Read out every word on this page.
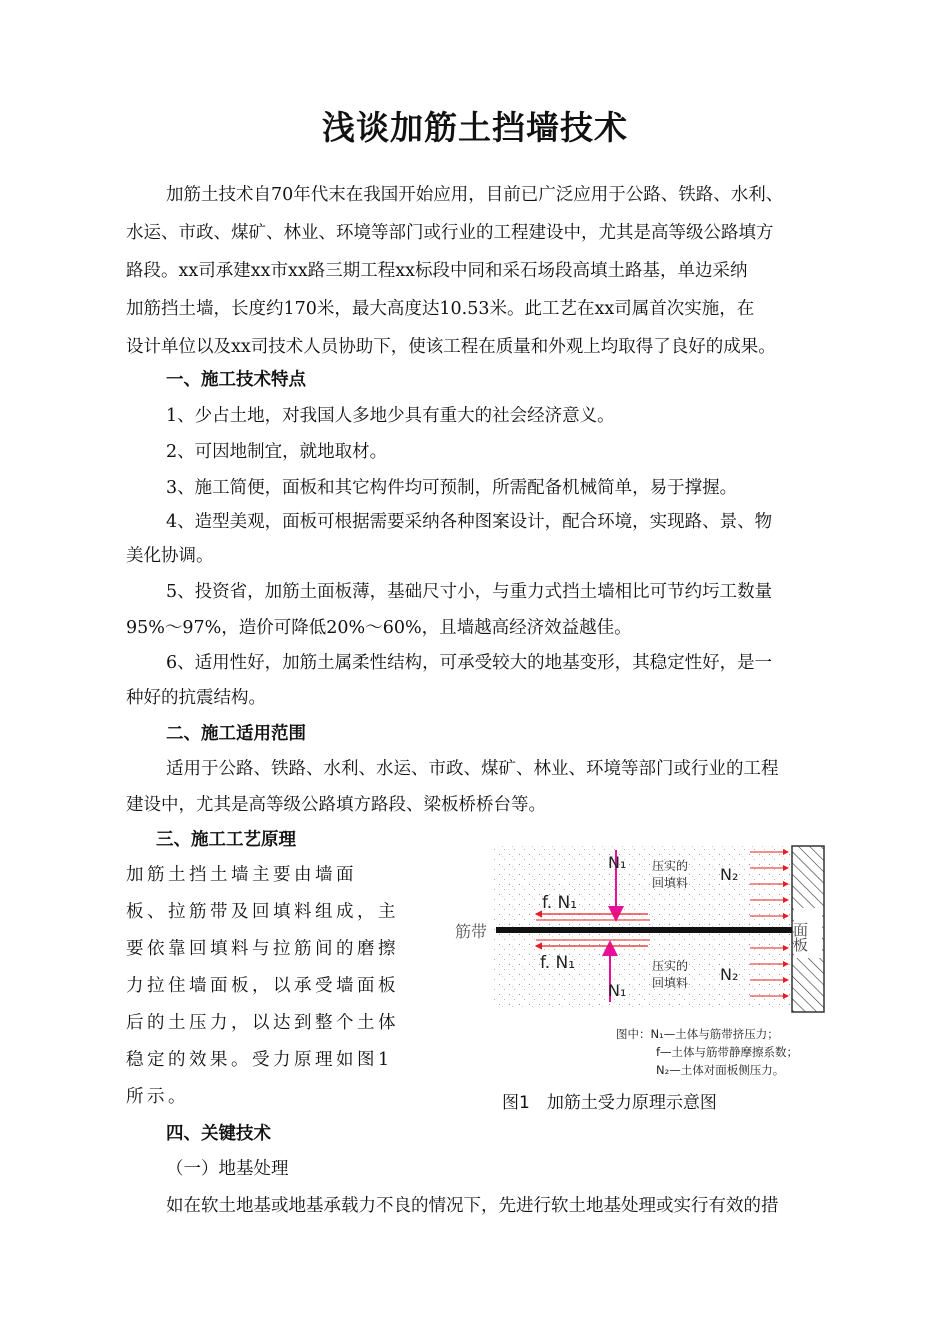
浅谈加筋土挡墙技术

加筋土技术自70年代末在我国开始应用，目前已广泛应用于公路、铁路、水利、

水运、市政、煤矿、林业、环境等部门或行业的工程建设中，尤其是高等级公路填方

路段。xx司承建xx市xx路三期工程xx标段中同和采石场段高填土路基，单边采纳

加筋挡土墙，长度约170米，最大高度达10.53米。此工艺在xx司属首次实施，在

设计单位以及xx司技术人员协助下，使该工程在质量和外观上均取得了良好的成果。

一、施工技术特点

1、少占土地，对我国人多地少具有重大的社会经济意义。

2、可因地制宜，就地取材。

3、施工简便，面板和其它构件均可预制，所需配备机械简单，易于撑握。

4、造型美观，面板可根据需要采纳各种图案设计，配合环境，实现路、景、物

美化协调。

5、投资省，加筋土面板薄，基础尺寸小，与重力式挡土墙相比可节约圬工数量

95%～97%，造价可降低20%～60%，且墙越高经济效益越佳。

6、适用性好，加筋土属柔性结构，可承受较大的地基变形，其稳定性好，是一

种好的抗震结构。

二、施工适用范围

适用于公路、铁路、水利、水运、市政、煤矿、林业、环境等部门或行业的工程

建设中，尤其是高等级公路填方路段、梁板桥桥台等。

三、施工工艺原理

加筋土挡土墙主要由墙面

板、拉筋带及回填料组成，主

要依靠回填料与拉筋间的磨擦

力拉住墙面板，以承受墙面板

后的土压力，以达到整个土体

稳定的效果。受力原理如图1

所示。

面板
筋带
N₁
N₁
f. N₁
f. N₁
压实的
回填料
压实的
回填料
N₂
N₂
图中：N₁—土体与筋带挤压力；
f—土体与筋带静摩擦系数；
N₂—土体对面板侧压力。
图1　加筋土受力原理示意图
四、关键技术

（一）地基处理

如在软土地基或地基承载力不良的情况下，先进行软土地基处理或实行有效的措
